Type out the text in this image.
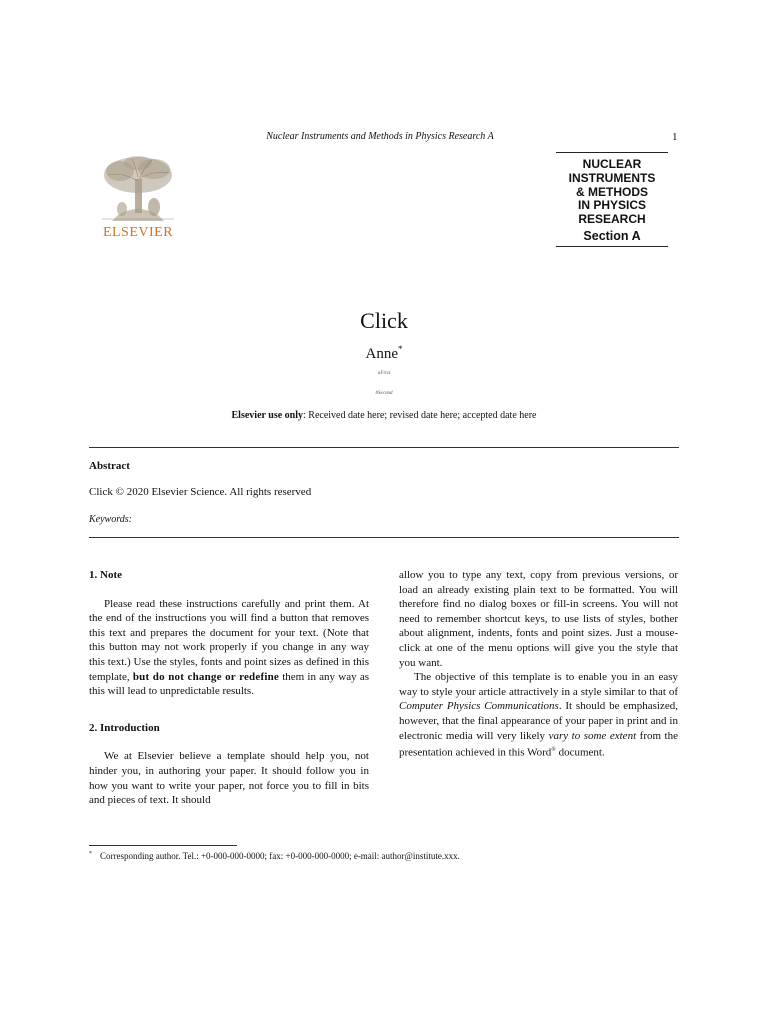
Nuclear Instruments and Methods in Physics Research A	1
ELSEVIER
NUCLEAR
INSTRUMENTS
& METHODS
IN PHYSICS
RESEARCH
Section A
Click
Anne*
aFirst
bSecond
Elsevier use only: Received date here; revised date here; accepted date here
Abstract
Click © 2020 Elsevier Science. All rights reserved
Keywords:
1. Note

Please read these instructions carefully and print them. At the end of the instructions you will find a button that removes this text and prepares the document for your text. (Note that this button may not work properly if you change in any way this text.) Use the styles, fonts and point sizes as defined in this template, but do not change or redefine them in any way as this will lead to unpredictable results.

2. Introduction

We at Elsevier believe a template should help you, not hinder you, in authoring your paper. It should follow you in how you want to write your paper, not force you to fill in bits and pieces of text. It should

allow you to type any text, copy from previous versions, or load an already existing plain text to be formatted. You will therefore find no dialog boxes or fill-in screens. You will not need to remember shortcut keys, to use lists of styles, bother about alignment, indents, fonts and point sizes. Just a mouse-click at one of the menu options will give you the style that you want.

The objective of this template is to enable you in an easy way to style your article attractively in a style similar to that of Computer Physics Communications. It should be emphasized, however, that the final appearance of your paper in print and in electronic media will very likely vary to some extent from the presentation achieved in this Word® document.

* Corresponding author. Tel.: +0-000-000-0000; fax: +0-000-000-0000; e-mail: author@institute.xxx.
